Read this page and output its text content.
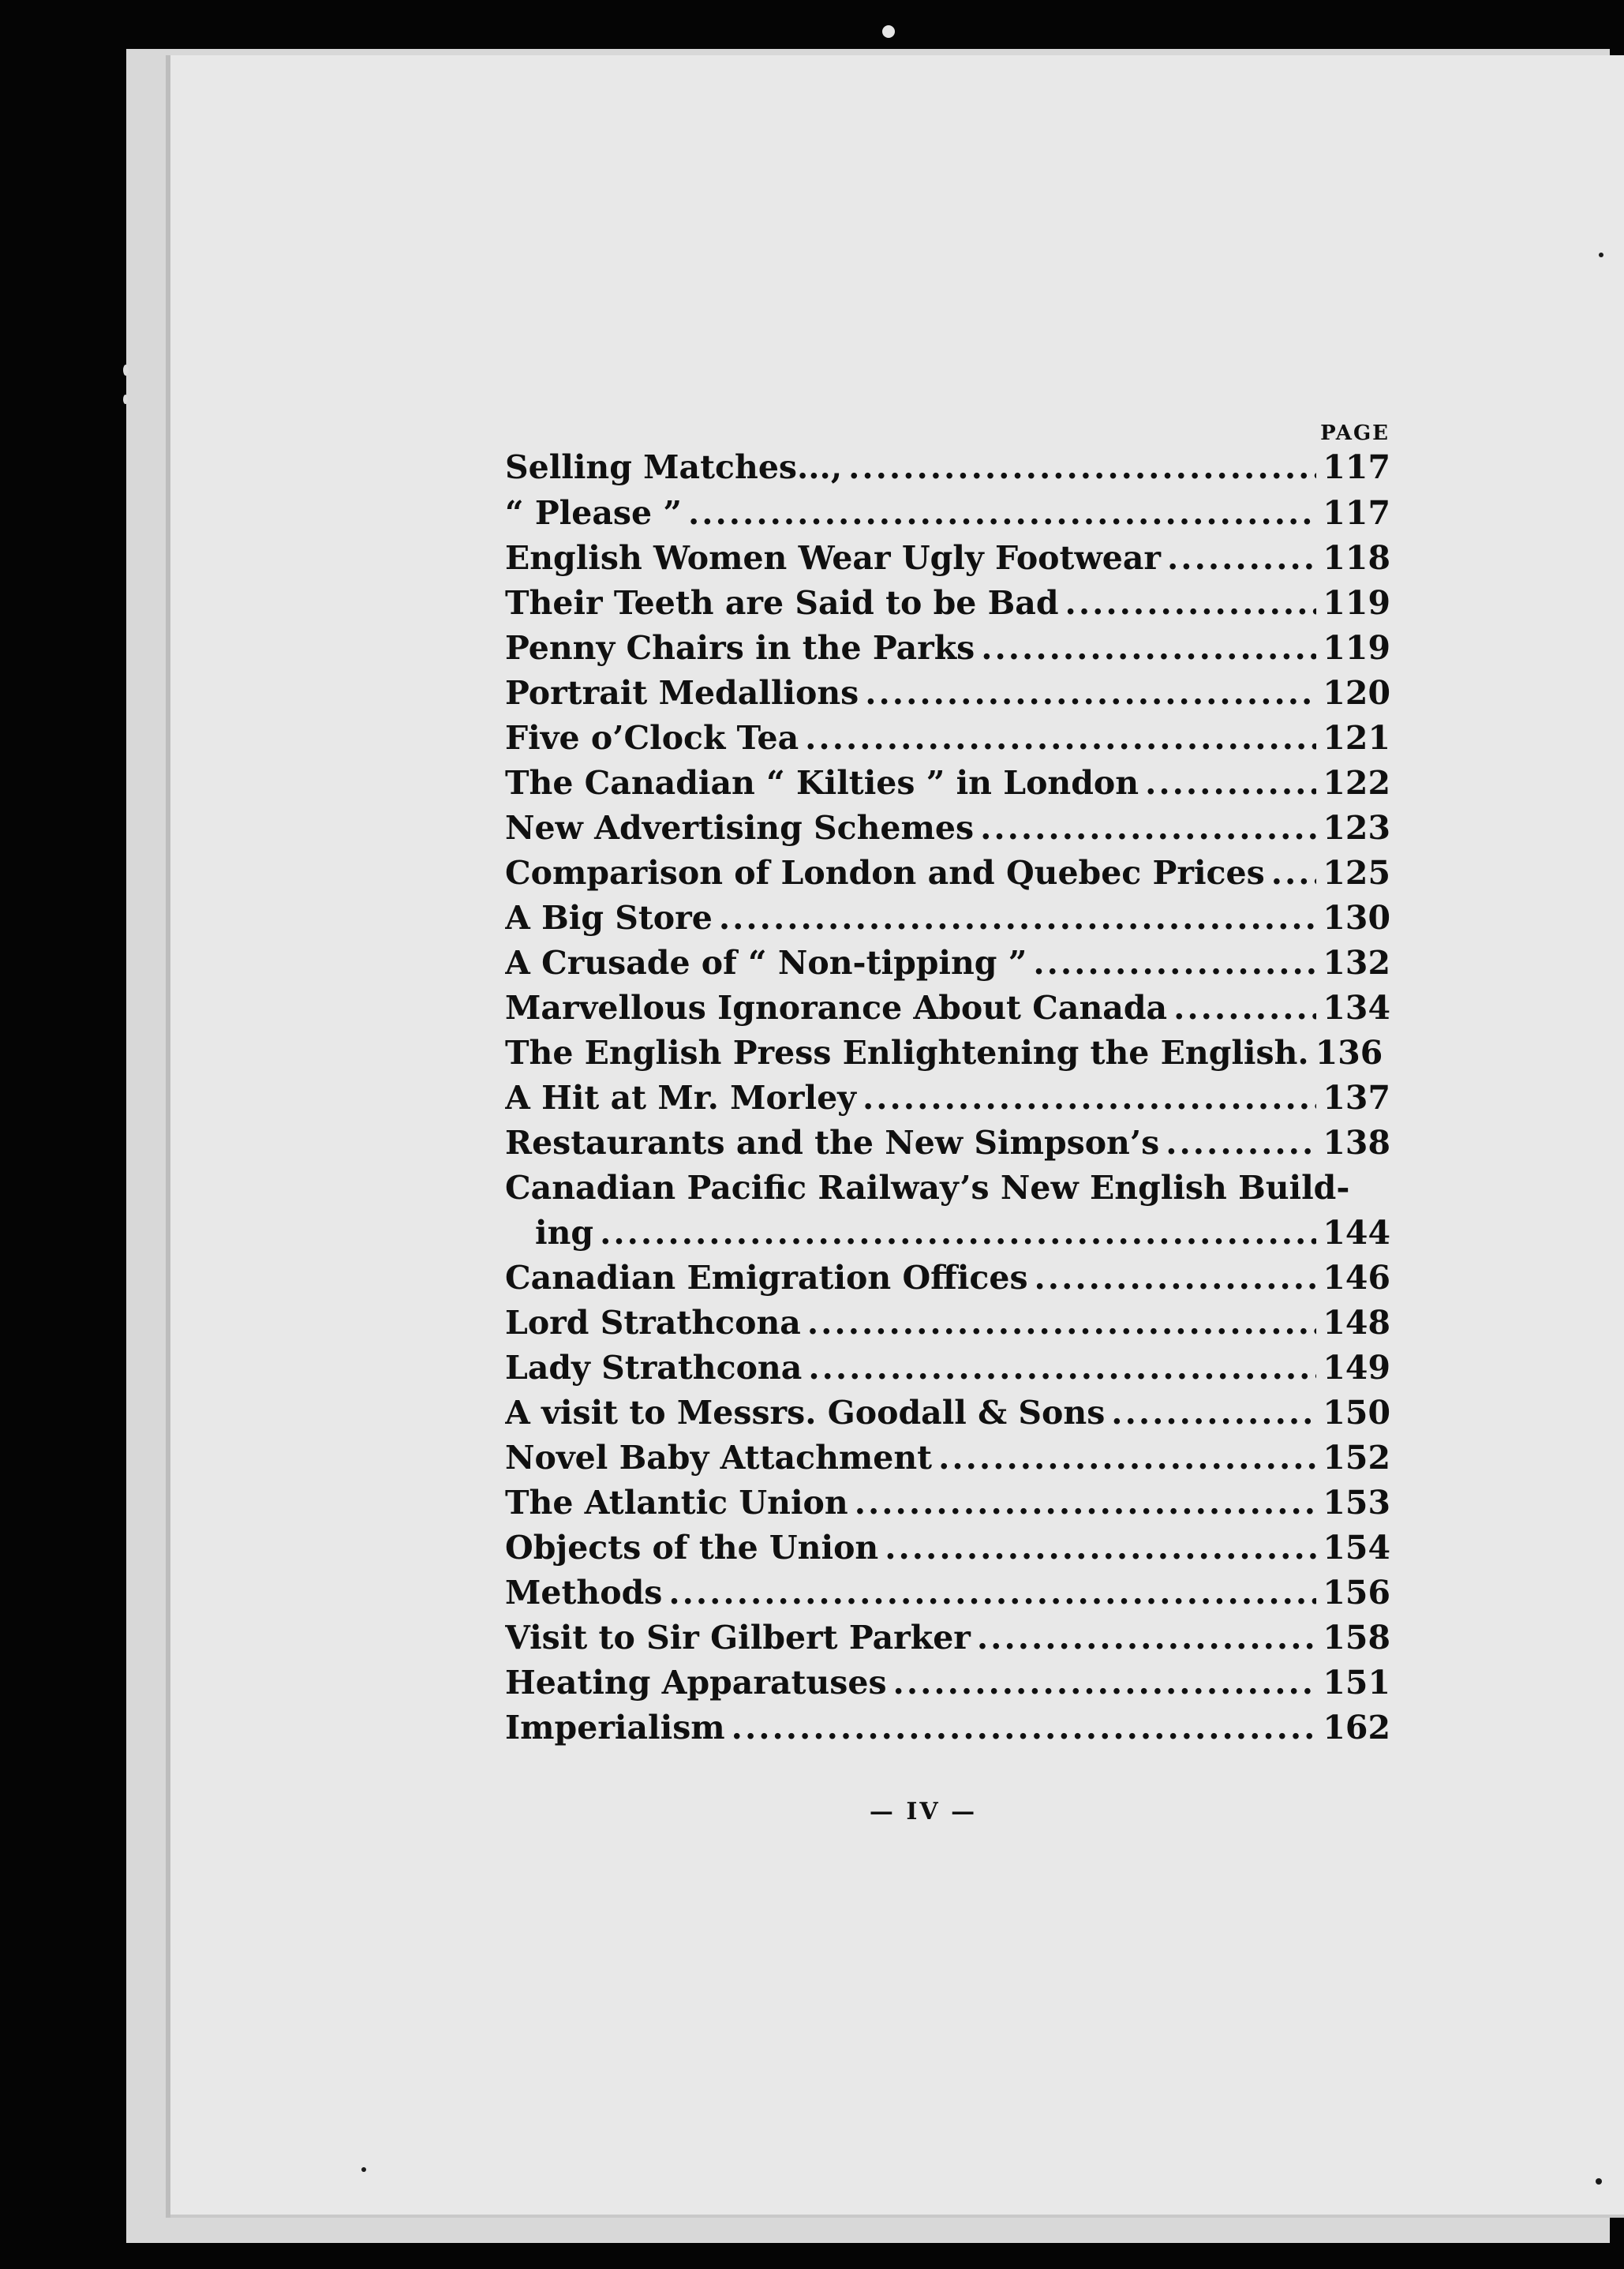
PAGE
Selling Matches..., .....	117
“ Please ” .....	117
English Women Wear Ugly Footwear .....	118
Their Teeth are Said to be Bad .....	119
Penny Chairs in the Parks .....	119
Portrait Medallions .....	120
Five o’Clock Tea .....	121
The Canadian “ Kilties ” in London .....	122
New Advertising Schemes .....	123
Comparison of London and Quebec Prices ..... 125
A Big Store .....	130
A Crusade of “ Non-tipping ” .....	132
Marvellous Ignorance About Canada .....	134
The English Press Enlightening the English. 136
A Hit at Mr. Morley .....	137
Restaurants and the New Simpson’s .....	138
Canadian Pacific Railway’s New English Build-
ing .....	144
Canadian Emigration Offices .....	146
Lord Strathcona .....	148
Lady Strathcona .....	149
A visit to Messrs. Goodall & Sons .....	150
Novel Baby Attachment .....	152
The Atlantic Union .....	153
Objects of the Union .....	154
Methods .....	156
Visit to Sir Gilbert Parker .....	158
Heating Apparatuses .....	151
Imperialism .....	162
— IV —
